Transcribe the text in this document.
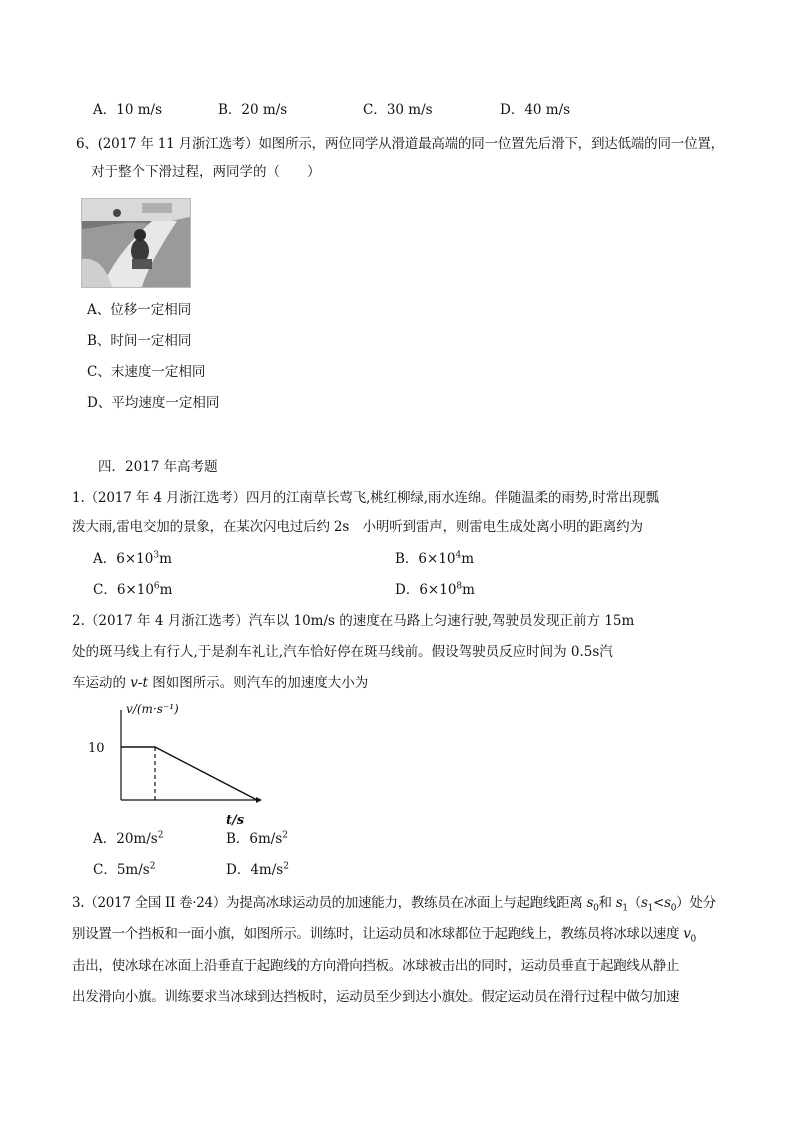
A．10 m/s	B．20 m/s	C．30 m/s	D．40 m/s
6、(2017 年 11 月浙江选考）如图所示，两位同学从滑道最高端的同一位置先后滑下，到达低端的同一位置，
对于整个下滑过程，两同学的（　　）
A、位移一定相同
B、时间一定相同
C、末速度一定相同
D、平均速度一定相同
四．2017 年高考题
1.（2017 年 4 月浙江选考）四月的江南草长莺飞,桃红柳绿,雨水连绵。伴随温柔的雨势,时常出现瓢
泼大雨,雷电交加的景象，在某次闪电过后约 2s　小明听到雷声，则雷电生成处离小明的距离约为
A．$6\times 10^3m$	B．$6\times 10^4m$
C．$6\times 10^6m$	D．$6\times 10^8m$
2.（2017 年 4 月浙江选考）汽车以 10m/s 的速度在马路上匀速行驶,驾驶员发现正前方 15m
处的斑马线上有行人,于是刹车礼让,汽车恰好停在斑马线前。假设驾驶员反应时间为 0.5s汽
车运动的 v-t 图如图所示。则汽车的加速度大小为
v/(m·s⁻¹)
t/s
10
A．$20m/s^2$	B．$6m/s^2$
C．$5m/s^2$	D．$4m/s^2$
3.（2017 全国 II 卷·24）为提高冰球运动员的加速能力，教练员在冰面上与起跑线距离 $s_0$和 $s_1(s_1<s_0)$处分
别设置一个挡板和一面小旗，如图所示。训练时，让运动员和冰球都位于起跑线上，教练员将冰球以速度 $v_0$
击出，使冰球在冰面上沿垂直于起跑线的方向滑向挡板。冰球被击出的同时，运动员垂直于起跑线从静止
出发滑向小旗。训练要求当冰球到达挡板时，运动员至少到达小旗处。假定运动员在滑行过程中做匀加速
